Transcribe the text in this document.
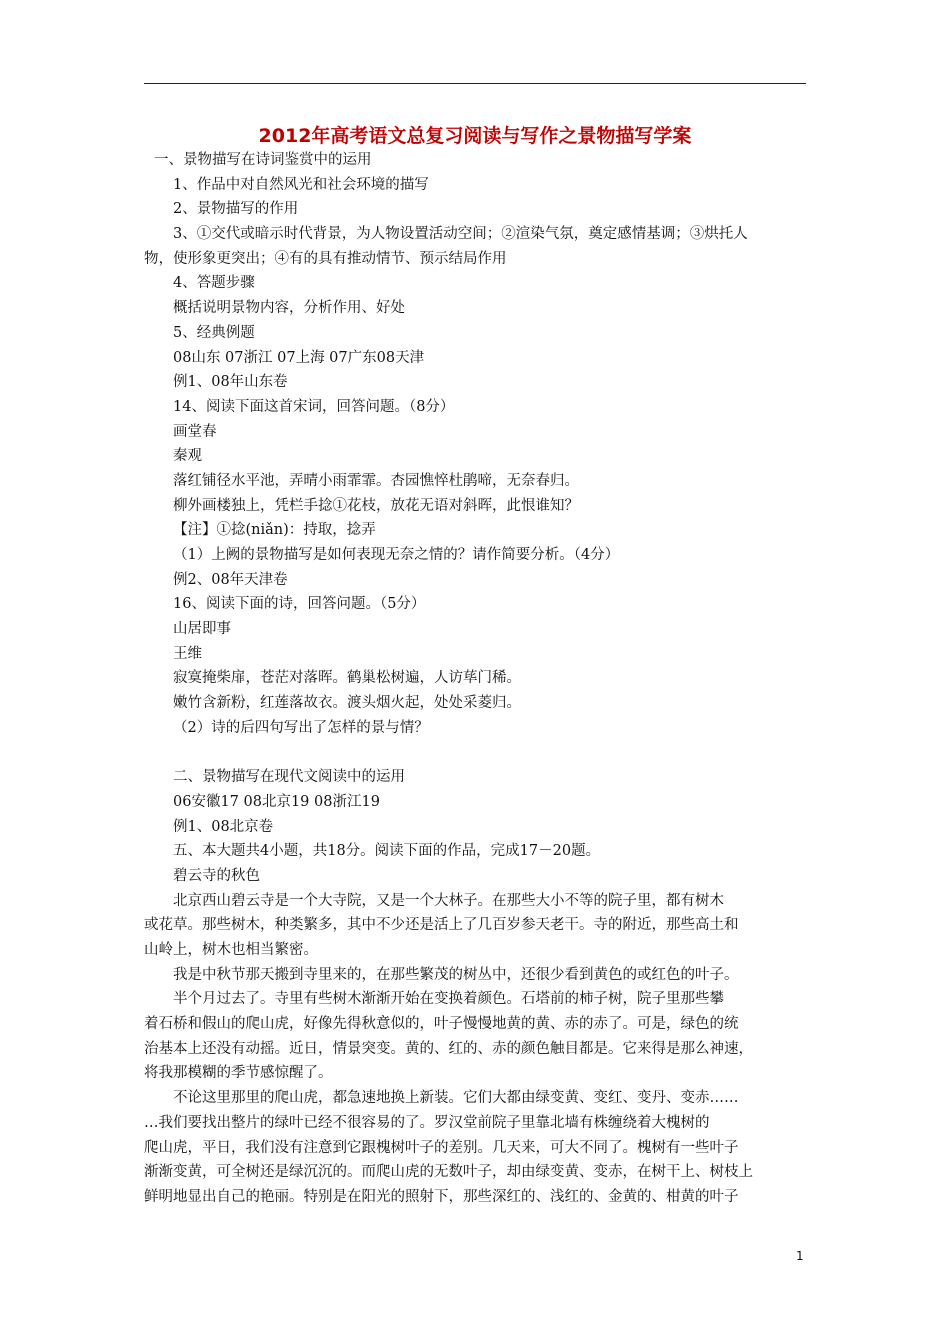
2012年高考语文总复习阅读与写作之景物描写学案
一、景物描写在诗词鉴赏中的运用
1、作品中对自然风光和社会环境的描写
2、景物描写的作用
3、①交代或暗示时代背景，为人物设置活动空间；②渲染气氛，奠定感情基调；③烘托人
物，使形象更突出；④有的具有推动情节、预示结局作用
4、答题步骤
概括说明景物内容，分析作用、好处
5、经典例题
08山东 07浙江 07上海 07广东08天津
例1、08年山东卷
14、阅读下面这首宋词，回答问题。（8分）
画堂春
秦观
落红铺径水平池，弄晴小雨霏霏。杏园憔悴杜鹃啼，无奈春归。
柳外画楼独上，凭栏手捻①花枝，放花无语对斜晖，此恨谁知？
【注】①捻(niǎn)：持取，捻弄
（1）上阙的景物描写是如何表现无奈之情的？请作简要分析。（4分）
例2、08年天津卷
16、阅读下面的诗，回答问题。（5分）
山居即事
王维
寂寞掩柴扉，苍茫对落晖。鹤巢松树遍，人访荜门稀。
嫩竹含新粉，红莲落故衣。渡头烟火起，处处采菱归。
（2）诗的后四句写出了怎样的景与情？
二、景物描写在现代文阅读中的运用
06安徽17 08北京19 08浙江19
例1、08北京卷
五、本大题共4小题，共18分。阅读下面的作品，完成17－20题。
碧云寺的秋色
北京西山碧云寺是一个大寺院，又是一个大林子。在那些大小不等的院子里，都有树木
或花草。那些树木，种类繁多，其中不少还是活上了几百岁参天老干。寺的附近，那些高土和
山岭上，树木也相当繁密。
我是中秋节那天搬到寺里来的，在那些繁茂的树丛中，还很少看到黄色的或红色的叶子。
半个月过去了。寺里有些树木渐渐开始在变换着颜色。石塔前的柿子树，院子里那些攀
着石桥和假山的爬山虎，好像先得秋意似的，叶子慢慢地黄的黄、赤的赤了。可是，绿色的统
治基本上还没有动摇。近日，情景突变。黄的、红的、赤的颜色触目都是。它来得是那么神速，
将我那模糊的季节感惊醒了。
不论这里那里的爬山虎，都急速地换上新装。它们大都由绿变黄、变红、变丹、变赤……
…我们要找出整片的绿叶已经不很容易的了。罗汉堂前院子里靠北墙有株缠绕着大槐树的
爬山虎，平日，我们没有注意到它跟槐树叶子的差别。几天来，可大不同了。槐树有一些叶子
渐渐变黄，可全树还是绿沉沉的。而爬山虎的无数叶子，却由绿变黄、变赤，在树干上、树枝上
鲜明地显出自己的艳丽。特别是在阳光的照射下，那些深红的、浅红的、金黄的、柑黄的叶子
1
